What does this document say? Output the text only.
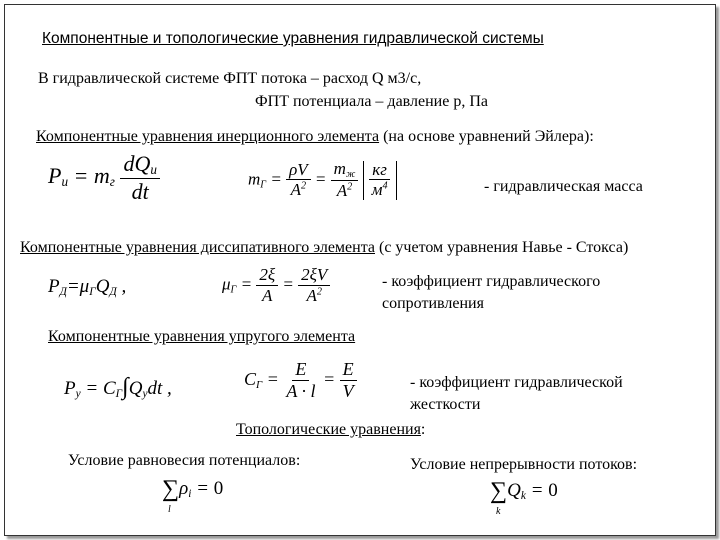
Компонентные и топологические уравнения гидравлической системы
В гидравлической системе ФПТ потока – расход Q м3/с,
ФПТ потенциала – давление p, Па
Компонентные уравнения инерционного элемента (на основе уравнений Эйлера):
$P_и = m_г \frac{dQ_и}{dt}$	$m_Г = \frac{\rho V}{A^2} = \frac{m_ж}{A^2}$
$\frac{кг}{м^4}$	- гидравлическая масса
Компонентные уравнения диссипативного элемента (с учетом уравнения Навье - Стокса)
$P_Д=\mu_ГQ_Д$ ,	$\mu_Г = \frac{2\xi}{A} = \frac{2\xi V}{A^2}$	- коэффициент гидравлического
сопротивления
Компонентные уравнения упругого элемента
$P_у = C_Г\int Q_уdt$ ,	$C_Г = \frac{E}{A \cdot l} = \frac{E}{V}$	- коэффициент гидравлической
жесткости
Топологические уравнения:
Условие равновесия потенциалов:	Условие непрерывности потоков:
$\sum\rho_i = 0$
l
$\sum Q_k = 0$
k
